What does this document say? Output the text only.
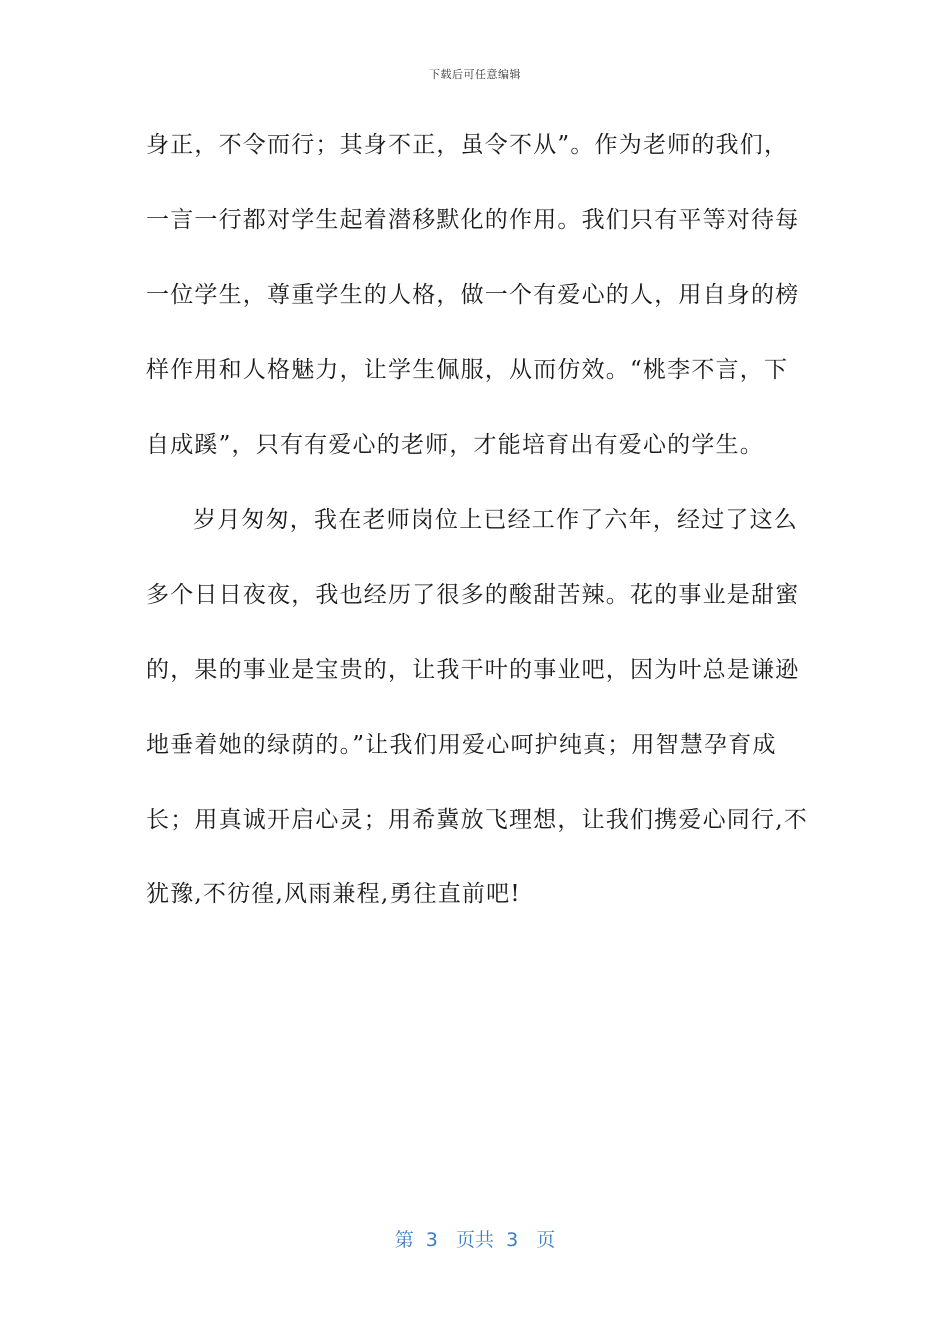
下载后可任意编辑
身正，不令而行；其身不正，虽令不从”。作为老师的我们，
一言一行都对学生起着潜移默化的作用。我们只有平等对待每
一位学生，尊重学生的人格，做一个有爱心的人，用自身的榜
样作用和人格魅力，让学生佩服，从而仿效。“桃李不言，下
自成蹊”，只有有爱心的老师，才能培育出有爱心的学生。
岁月匆匆，我在老师岗位上已经工作了六年，经过了这么
多个日日夜夜，我也经历了很多的酸甜苦辣。花的事业是甜蜜
的，果的事业是宝贵的，让我干叶的事业吧，因为叶总是谦逊
地垂着她的绿荫的。”让我们用爱心呵护纯真；用智慧孕育成
长；用真诚开启心灵；用希冀放飞理想，让我们携爱心同行,不
犹豫,不彷徨,风雨兼程,勇往直前吧!
第  3   页共  3   页
